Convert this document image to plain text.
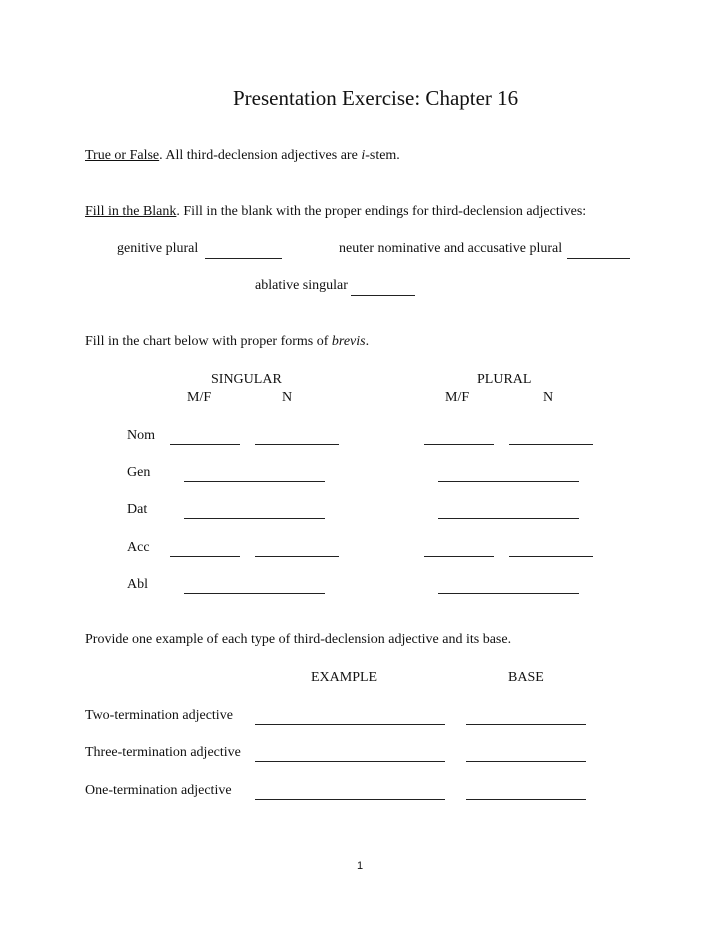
Presentation Exercise: Chapter 16
True or False. All third-declension adjectives are i-stem.
Fill in the Blank. Fill in the blank with the proper endings for third-declension adjectives:
genitive plural	neuter nominative and accusative plural
ablative singular
Fill in the chart below with proper forms of brevis.
SINGULAR	PLURAL
M/F	N	M/F	N
Nom
Gen
Dat
Acc
Abl
Provide one example of each type of third-declension adjective and its base.
EXAMPLE	BASE
Two-termination adjective
Three-termination adjective
One-termination adjective
1
